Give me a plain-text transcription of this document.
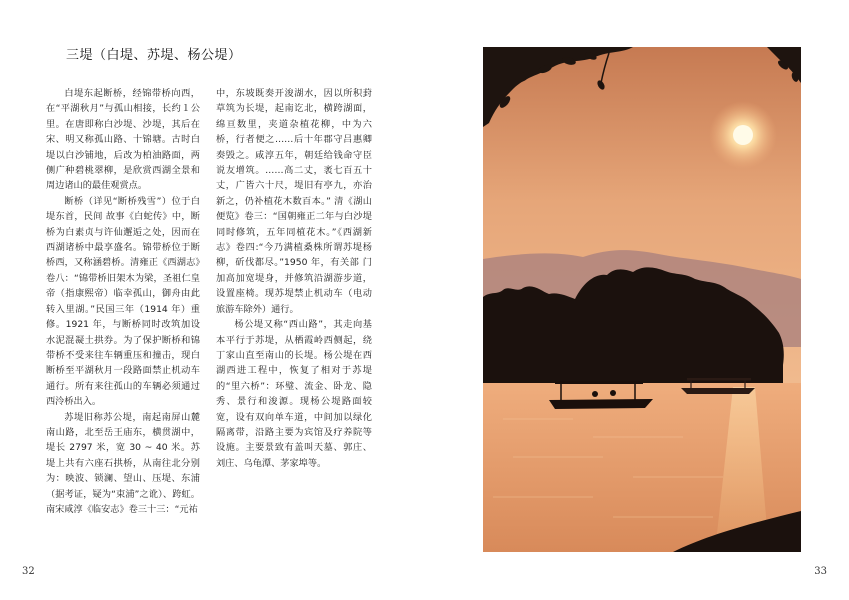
三堤（白堤、苏堤、杨公堤）

白堤东起断桥，经锦带桥向西，在“平湖秋月”与孤山相接，长约１公里。在唐即称白沙堤、沙堤，其后在宋、明又称孤山路、十锦塘。古时白堤以白沙铺地，后改为柏油路面，两侧广种碧桃翠柳，是欣赏西湖全景和周边诸山的最佳观赏点。

断桥（详见“断桥残雪”）位于白堤东首，民间 故事《白蛇传》中，断桥为白素贞与许仙邂逅之处，因而在西湖诸桥中最享盛名。锦带桥位于断桥西，又称涵碧桥。清雍正《西湖志》卷八：“锦带桥旧架木为梁，圣祖仁皇帝（指康熙帝）临幸孤山，御舟由此转入里湖。”民国三年（1914 年）重修。1921 年，与断桥同时改筑加设水泥混凝土拱券。为了保护断桥和锦带桥不受来往车辆重压和撞击，现白断桥至平湖秋月一段路面禁止机动车通行。所有来往孤山的车辆必须通过西泠桥出入。

苏堤旧称苏公堤，南起南屏山麓南山路，北至岳王庙东，横贯湖中，堤长 2797 米，宽 30 ~ 40 米。苏堤上共有六座石拱桥，从南往北分别为：映波、锁澜、望山、压堤、东浦（据考证，疑为“束浦”之讹）、跨虹。南宋咸淳《临安志》卷三十三：“元祐

中，东坡既奏开浚湖水，因以所积葑草筑为长堤，起南讫北，横跨湖面，绵亘数里，夹道杂植花柳，中为六桥，行者便之……后十年郡守吕惠卿奏毁之。咸淳五年，朝廷给钱命守臣说友增筑。……高二丈，袤七百五十丈，广皆六十尺，堤旧有亭九，亦治新之，仍补植花木数百本。” 清《湖山便览》卷三：“国朝雍正二年与白沙堤同时修筑，五年同植花木。”《西湖新志》卷四:“今乃满植桑株所谓苏堤杨柳，斫伐都尽。”1950 年，有关部 门加高加宽堤身，并修筑沿湖游步道，设置座椅。现苏堤禁止机动车（电动旅游车除外）通行。

杨公堤又称“西山路”，其走向基本平行于苏堤，从栖霞岭西侧起，绕丁家山直至南山的长堤。杨公堤在西湖西进工程中，恢复了相对于苏堤的“里六桥”：环璧、流金、卧龙、隐秀、景行和浚源。现杨公堤路面较宽，设有双向单车道，中间加以绿化隔离带，沿路主要为宾馆及疗养院等设施。主要景致有盖叫天墓、郭庄、刘庄、乌龟潭、茅家埠等。

32	33
